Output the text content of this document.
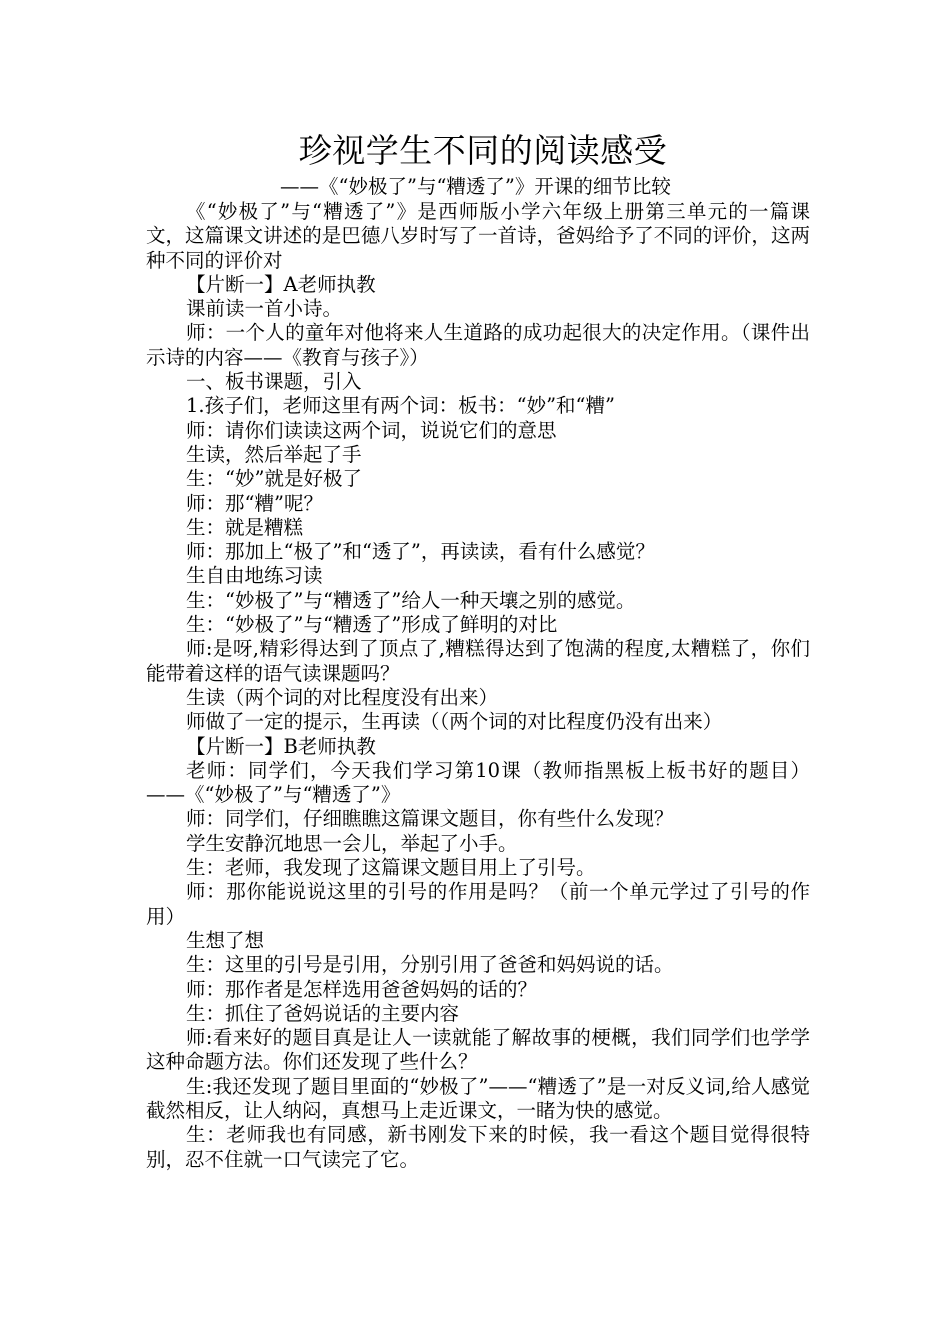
珍视学生不同的阅读感受

——《“妙极了”与“糟透了”》开课的细节比较

《“妙极了”与“糟透了”》是西师版小学六年级上册第三单元的一篇课文，这篇课文讲述的是巴德八岁时写了一首诗，爸妈给予了不同的评价，这两种不同的评价对

【片断一】A老师执教

课前读一首小诗。

师：一个人的童年对他将来人生道路的成功起很大的决定作用。（课件出示诗的内容——《教育与孩子》）

一、板书课题，引入

1.孩子们，老师这里有两个词：板书：“妙”和“糟”

师：请你们读读这两个词，说说它们的意思

生读，然后举起了手

生：“妙”就是好极了

师：那“糟”呢？

生：就是糟糕

师：那加上“极了”和“透了”，再读读，看有什么感觉？

生自由地练习读

生：“妙极了”与“糟透了”给人一种天壤之别的感觉。

生：“妙极了”与“糟透了”形成了鲜明的对比

师:是呀,精彩得达到了顶点了,糟糕得达到了饱满的程度,太糟糕了，你们能带着这样的语气读课题吗？

生读（两个词的对比程度没有出来）

师做了一定的提示，生再读（（两个词的对比程度仍没有出来）

【片断一】B老师执教

老师：同学们，今天我们学习第10课（教师指黑板上板书好的题目）——《“妙极了”与“糟透了”》

师：同学们，仔细瞧瞧这篇课文题目，你有些什么发现？

学生安静沉地思一会儿，举起了小手。

生：老师，我发现了这篇课文题目用上了引号。

师：那你能说说这里的引号的作用是吗？（前一个单元学过了引号的作用）

生想了想

生：这里的引号是引用，分别引用了爸爸和妈妈说的话。

师：那作者是怎样选用爸爸妈妈的话的？

生：抓住了爸妈说话的主要内容

师:看来好的题目真是让人一读就能了解故事的梗概，我们同学们也学学这种命题方法。你们还发现了些什么？

生:我还发现了题目里面的“妙极了”——“糟透了”是一对反义词,给人感觉截然相反，让人纳闷，真想马上走近课文，一睹为快的感觉。

生：老师我也有同感，新书刚发下来的时候，我一看这个题目觉得很特别，忍不住就一口气读完了它。
